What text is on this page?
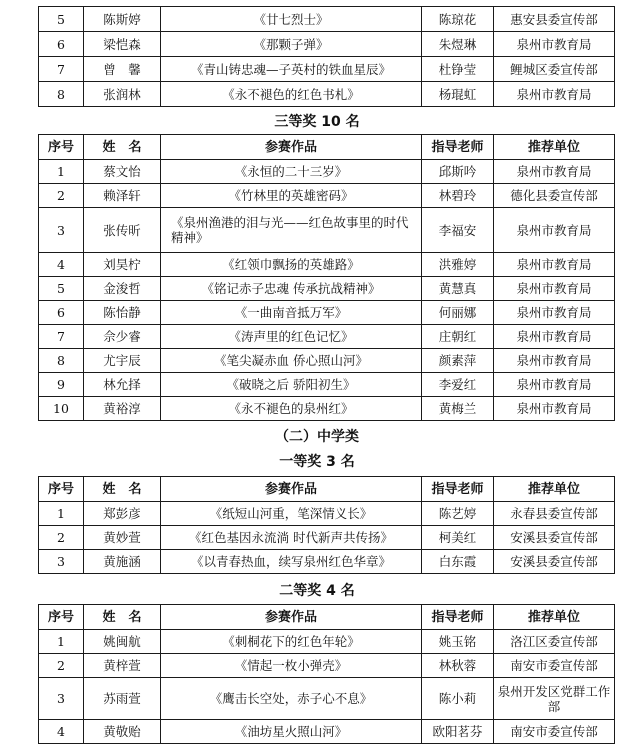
5	陈斯婷	《廿七烈士》	陈琼花	惠安县委宣传部
6	梁恺森	《那颗子弹》	朱煜琳	泉州市教育局
7	曾　馨	《青山铸忠魂—子英村的铁血星辰》	杜铮莹	鲤城区委宣传部
8	张润林	《永不褪色的红色书札》	杨琨虹	泉州市教育局
三等奖 10 名
序号	姓　名	参赛作品	指导老师	推荐单位
1	蔡文怡	《永恒的二十三岁》	邱斯吟	泉州市教育局
2	赖泽轩	《竹林里的英雄密码》	林碧玲	德化县委宣传部
3	张传昕	《泉州渔港的泪与光——红色故事里的时代精神》	李福安	泉州市教育局
4	刘昊柠	《红领巾飘扬的英雄路》	洪雅婷	泉州市教育局
5	金浚哲	《铭记赤子忠魂 传承抗战精神》	黄慧真	泉州市教育局
6	陈怡静	《一曲南音抵万军》	何丽娜	泉州市教育局
7	佘少睿	《涛声里的红色记忆》	庄朝红	泉州市教育局
8	尤宇辰	《笔尖凝赤血 侨心照山河》	颜素萍	泉州市教育局
9	林允择	《破晓之后 骄阳初生》	李爱红	泉州市教育局
10	黄裕淳	《永不褪色的泉州红》	黄梅兰	泉州市教育局
（二）中学类
一等奖 3 名
序号	姓　名	参赛作品	指导老师	推荐单位
1	郑彭彦	《纸短山河重，笔深情义长》	陈艺婷	永春县委宣传部
2	黄妙萱	《红色基因永流淌 时代新声共传扬》	柯美红	安溪县委宣传部
3	黄施涵	《以青春热血，续写泉州红色华章》	白东霞	安溪县委宣传部
二等奖 4 名
序号	姓　名	参赛作品	指导老师	推荐单位
1	姚闽航	《刺桐花下的红色年轮》	姚玉铭	洛江区委宣传部
2	黄梓萱	《情起一枚小弹壳》	林秋蓉	南安市委宣传部
3	苏雨萱	《鹰击长空处，赤子心不息》	陈小莉	泉州开发区党群工作部
4	黄敬贻	《油坊星火照山河》	欧阳茗芬	南安市委宣传部
